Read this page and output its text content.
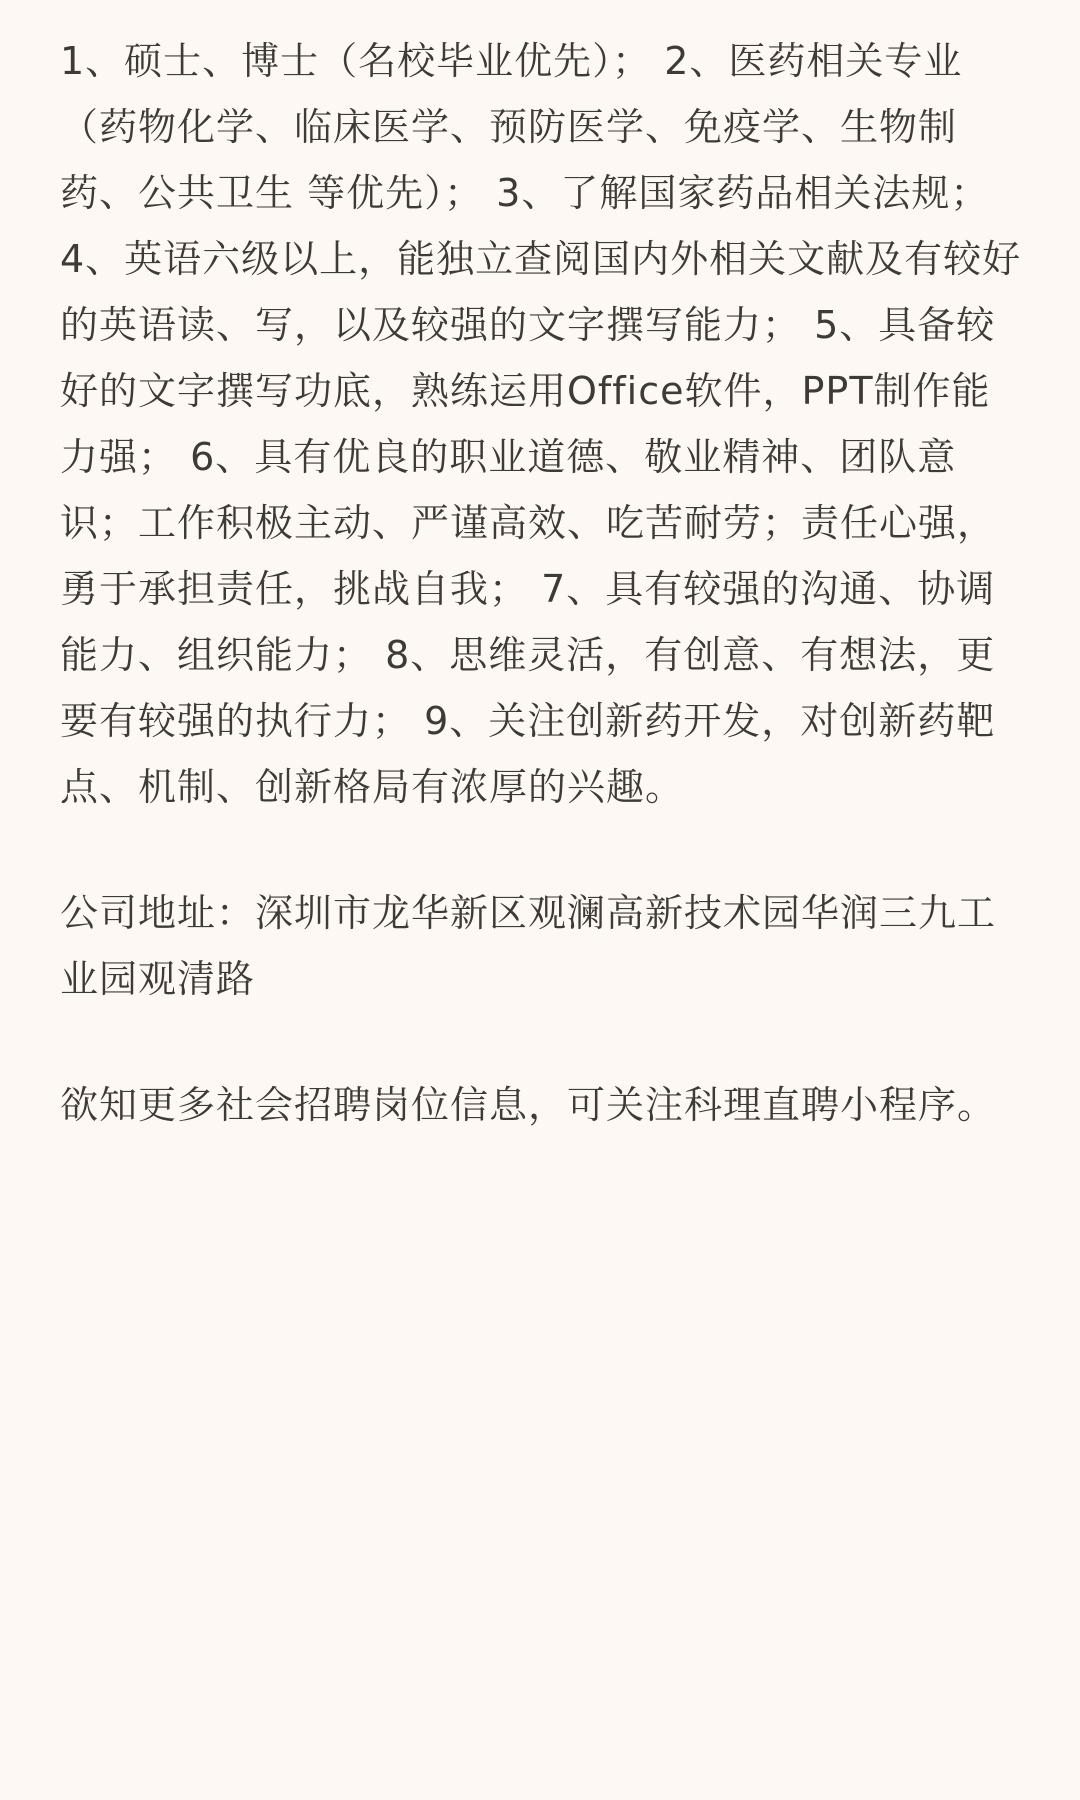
1、硕士、博士（名校毕业优先）； 2、医药相关专业（药物化学、临床医学、预防医学、免疫学、生物制药、公共卫生 等优先）； 3、了解国家药品相关法规； 4、英语六级以上，能独立查阅国内外相关文献及有较好的英语读、写，以及较强的文字撰写能力； 5、具备较好的文字撰写功底，熟练运用Office软件，PPT制作能力强； 6、具有优良的职业道德、敬业精神、团队意识；工作积极主动、严谨高效、吃苦耐劳；责任心强，勇于承担责任，挑战自我； 7、具有较强的沟通、协调能力、组织能力； 8、思维灵活，有创意、有想法，更要有较强的执行力； 9、关注创新药开发，对创新药靶点、机制、创新格局有浓厚的兴趣。

公司地址：深圳市龙华新区观澜高新技术园华润三九工业园观清路

欲知更多社会招聘岗位信息，可关注科理直聘小程序。
